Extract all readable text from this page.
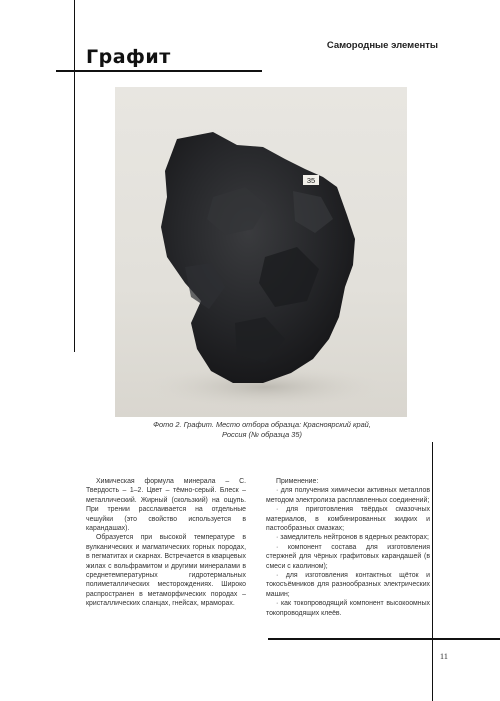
Графит
Самородные элементы
35
Фото 2. Графит. Место отбора образца: Красноярский край,
Россия (№ образца 35)

Химическая формула минерала – С. Твердость – 1–2. Цвет – тёмно-серый. Блеск – металлический. Жирный (скользкий) на ощупь. При трении расслаивается на отдельные чешуйки (это свойство используется в карандашах).

Образуется при высокой температуре в вулканических и магматических горных породах, в пегматитах и скарнах. Встречается в кварцевых жилах с вольфрамитом и другими минералами в среднетемпературных гидротермальных полиметаллических месторождениях. Широко распространен в метаморфических породах – кристаллических сланцах, гнейсах, мраморах.

Применение:

· для получения химически активных металлов методом электролиза расплавленных соединений;

· для приготовления твёрдых смазочных материалов, в комбинированных жидких и пастообразных смазках;

· замедлитель нейтронов в ядерных реакторах;

· компонент состава для изготовления стержней для чёрных графитовых карандашей (в смеси с каолином);

· для изготовления контактных щёток и токосъёмников для разнообразных электрических машин;

· как токопроводящий компонент высокоомных токопроводящих клеёв.

11
